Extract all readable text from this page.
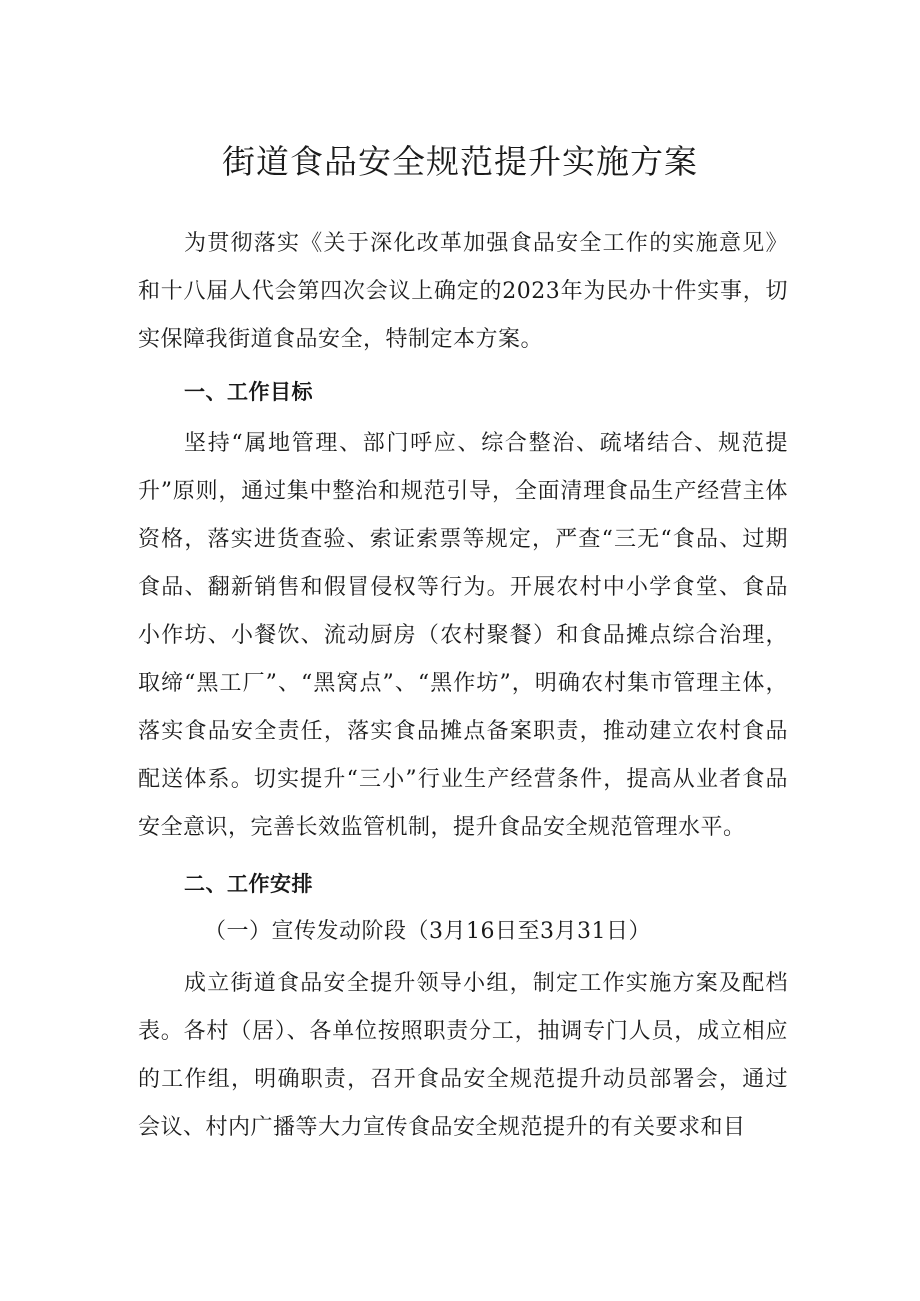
街道食品安全规范提升实施方案

为贯彻落实《关于深化改革加强食品安全工作的实施意见》和十八届人代会第四次会议上确定的2023年为民办十件实事，切实保障我街道食品安全，特制定本方案。

一、工作目标

坚持“属地管理、部门呼应、综合整治、疏堵结合、规范提升”原则，通过集中整治和规范引导，全面清理食品生产经营主体资格，落实进货查验、索证索票等规定，严查“三无“食品、过期食品、翻新销售和假冒侵权等行为。开展农村中小学食堂、食品小作坊、小餐饮、流动厨房（农村聚餐）和食品摊点综合治理，取缔“黑工厂”、“黑窝点”、“黑作坊”，明确农村集市管理主体，落实食品安全责任，落实食品摊点备案职责，推动建立农村食品配送体系。切实提升“三小”行业生产经营条件，提高从业者食品安全意识，完善长效监管机制，提升食品安全规范管理水平。

二、工作安排

（一）宣传发动阶段（3月16日至3月31日）

成立街道食品安全提升领导小组，制定工作实施方案及配档表。各村（居）、各单位按照职责分工，抽调专门人员，成立相应的工作组，明确职责，召开食品安全规范提升动员部署会，通过会议、村内广播等大力宣传食品安全规范提升的有关要求和目
